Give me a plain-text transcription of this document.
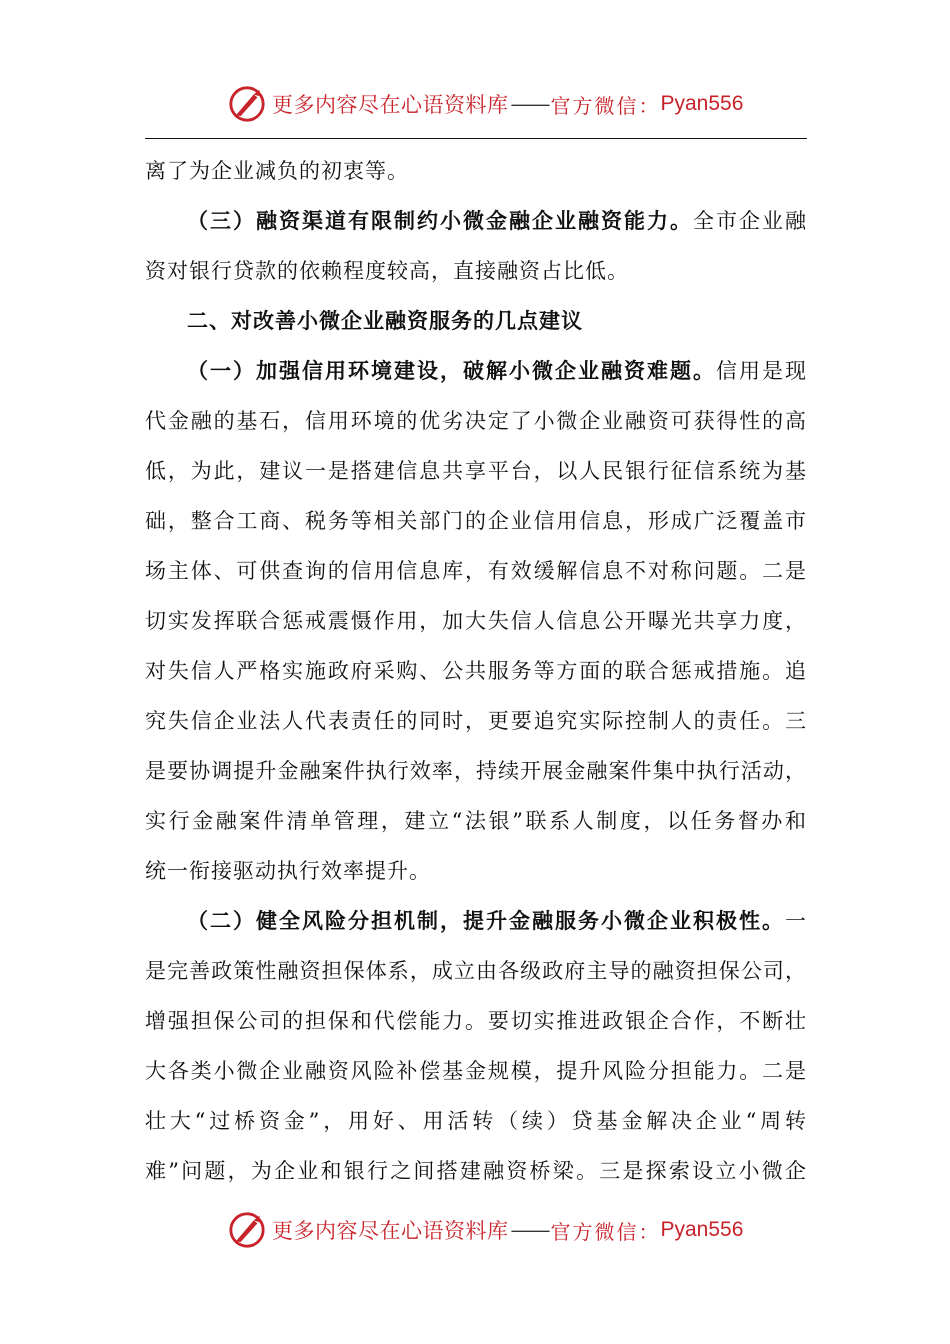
更多内容尽在心语资料库 —— 官方微信： Pyan556
离了为企业减负的初衷等。
（三）融资渠道有限制约小微金融企业融资能力。全市企业融
资对银行贷款的依赖程度较高，直接融资占比低。
二、对改善小微企业融资服务的几点建议
（一）加强信用环境建设，破解小微企业融资难题。信用是现
代金融的基石，信用环境的优劣决定了小微企业融资可获得性的高
低，为此，建议一是搭建信息共享平台，以人民银行征信系统为基
础，整合工商、税务等相关部门的企业信用信息，形成广泛覆盖市
场主体、可供查询的信用信息库，有效缓解信息不对称问题。二是
切实发挥联合惩戒震慑作用，加大失信人信息公开曝光共享力度，
对失信人严格实施政府采购、公共服务等方面的联合惩戒措施。追
究失信企业法人代表责任的同时，更要追究实际控制人的责任。三
是要协调提升金融案件执行效率，持续开展金融案件集中执行活动，
实行金融案件清单管理，建立“法银”联系人制度，以任务督办和
统一衔接驱动执行效率提升。
（二）健全风险分担机制，提升金融服务小微企业积极性。一
是完善政策性融资担保体系，成立由各级政府主导的融资担保公司，
增强担保公司的担保和代偿能力。要切实推进政银企合作，不断壮
大各类小微企业融资风险补偿基金规模，提升风险分担能力。二是
壮大“过桥资金”，用好、用活转（续）贷基金解决企业“周转
难”问题，为企业和银行之间搭建融资桥梁。三是探索设立小微企
更多内容尽在心语资料库 —— 官方微信： Pyan556
